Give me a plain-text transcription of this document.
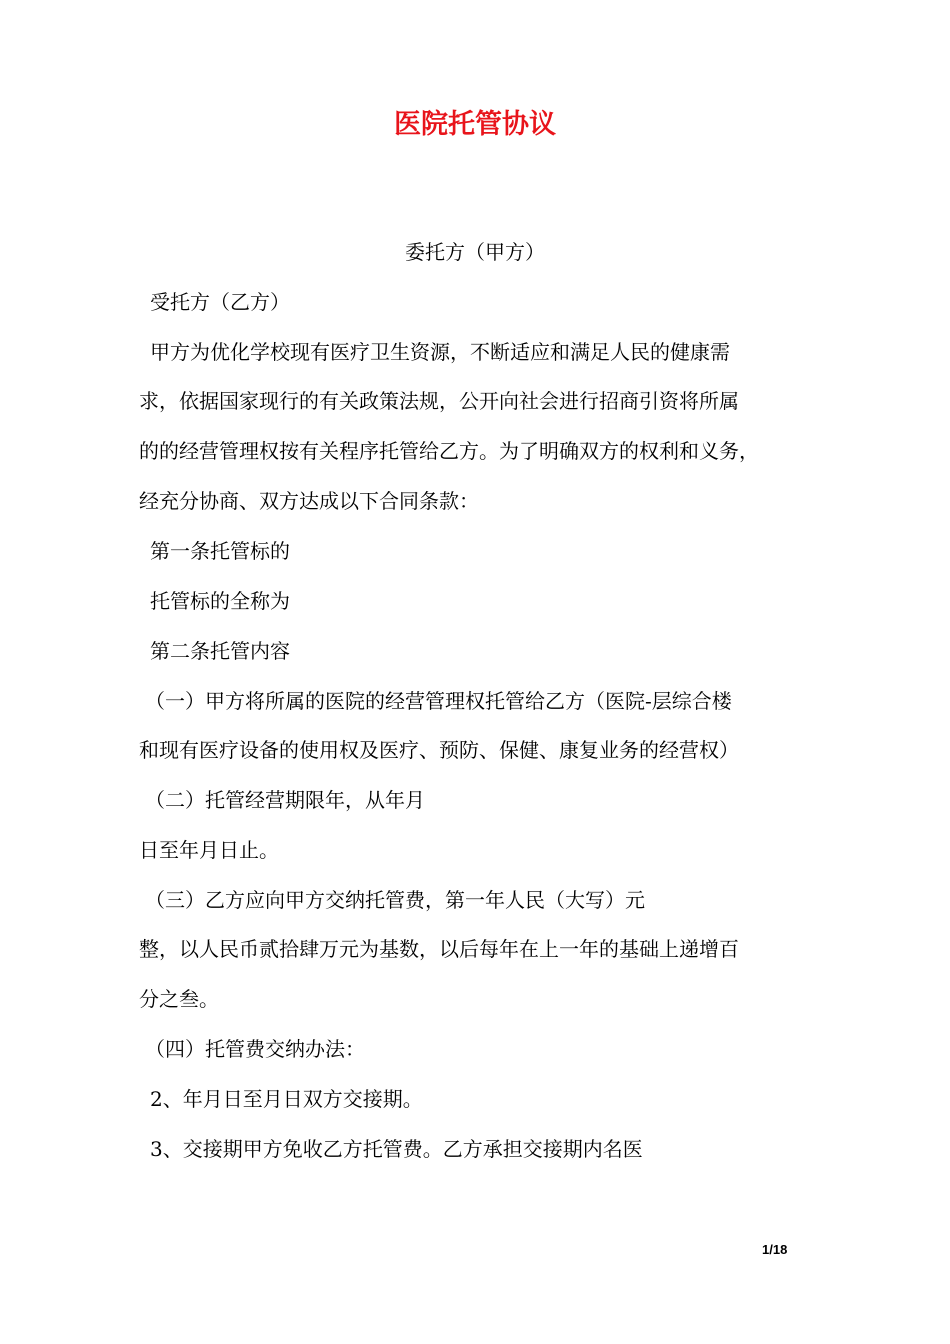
医院托管协议

委托方（甲方）

受托方（乙方）

甲方为优化学校现有医疗卫生资源，不断适应和满足人民的健康需

求，依据国家现行的有关政策法规，公开向社会进行招商引资将所属

的的经营管理权按有关程序托管给乙方。为了明确双方的权利和义务，

经充分协商、双方达成以下合同条款：

第一条托管标的

托管标的全称为

第二条托管内容

（一）甲方将所属的医院的经营管理权托管给乙方（医院-层综合楼

和现有医疗设备的使用权及医疗、预防、保健、康复业务的经营权）

（二）托管经营期限年，从年月

日至年月日止。

（三）乙方应向甲方交纳托管费，第一年人民（大写）元

整，以人民币贰拾肆万元为基数，以后每年在上一年的基础上递增百

分之叁。

（四）托管费交纳办法：

2、年月日至月日双方交接期。

3、交接期甲方免收乙方托管费。乙方承担交接期内名医

1/18
